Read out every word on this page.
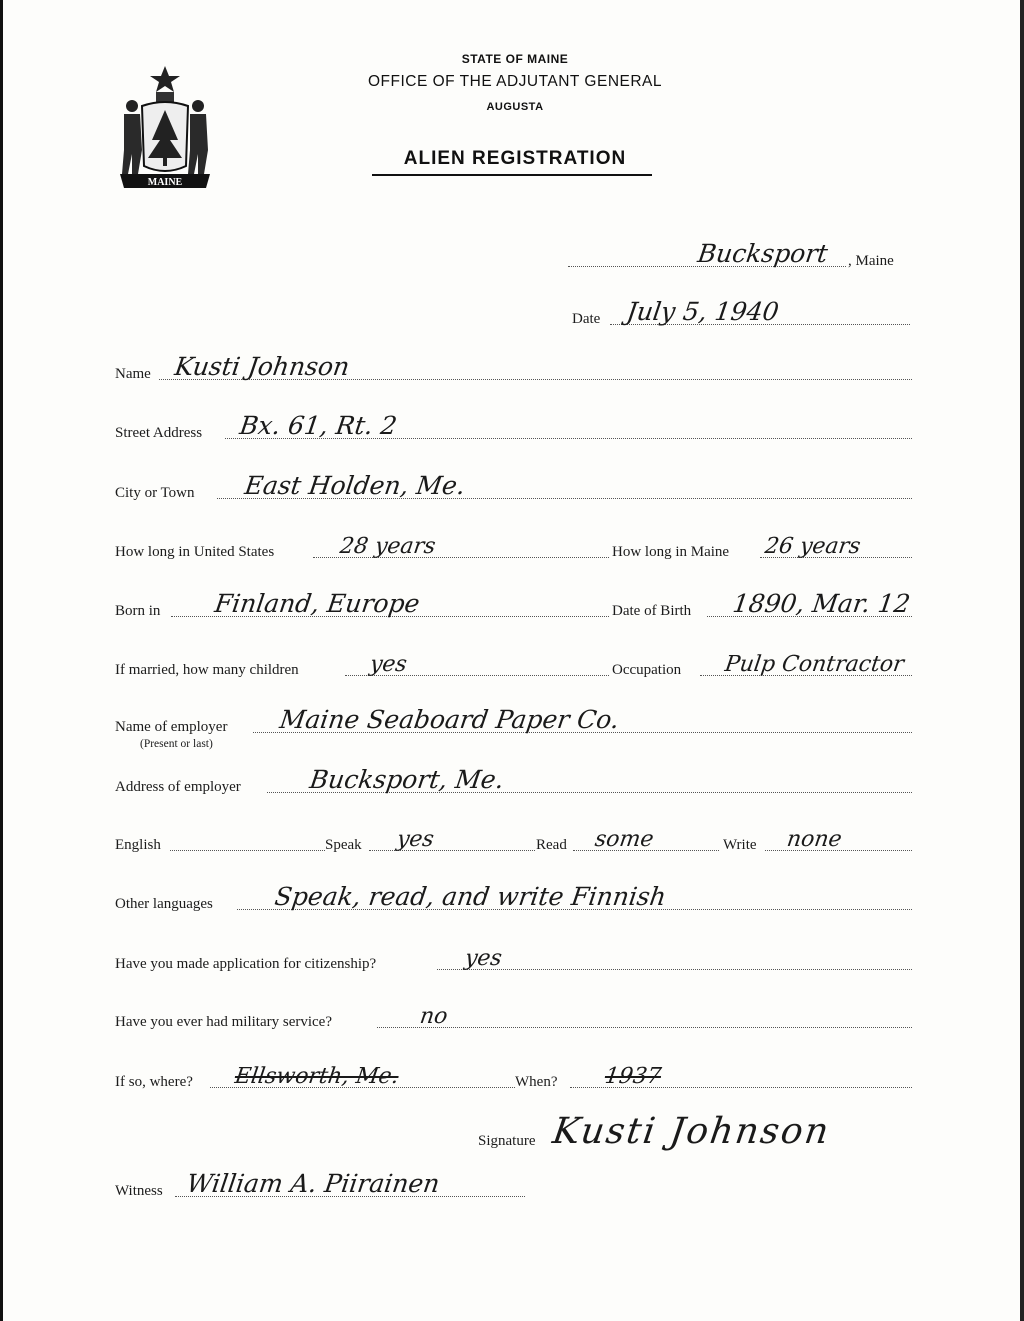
MAINE
STATE OF MAINE
OFFICE OF THE ADJUTANT GENERAL
AUGUSTA
ALIEN REGISTRATION
Bucksport , Maine
Date July 5, 1940
Name Kusti Johnson
Street Address Bx. 61, Rt. 2
City or Town East Holden, Me.
How long in United States	28 years	How long in Maine 26 years
Born in Finland, Europe	Date of Birth 1890, Mar. 12
If married, how many children	yes	Occupation Pulp Contractor
Name of employer Maine Seaboard Paper Co.
(Present or last)
Address of employer	Bucksport, Me.
English	Speak yes	Read some	Write none
Other languages Speak, read, and write Finnish
Have you made application for citizenship?	yes
Have you ever had military service?	no
If so, where? Ellsworth, Me.	When? 1937
Signature Kusti Johnson
Witness William A. Piirainen
